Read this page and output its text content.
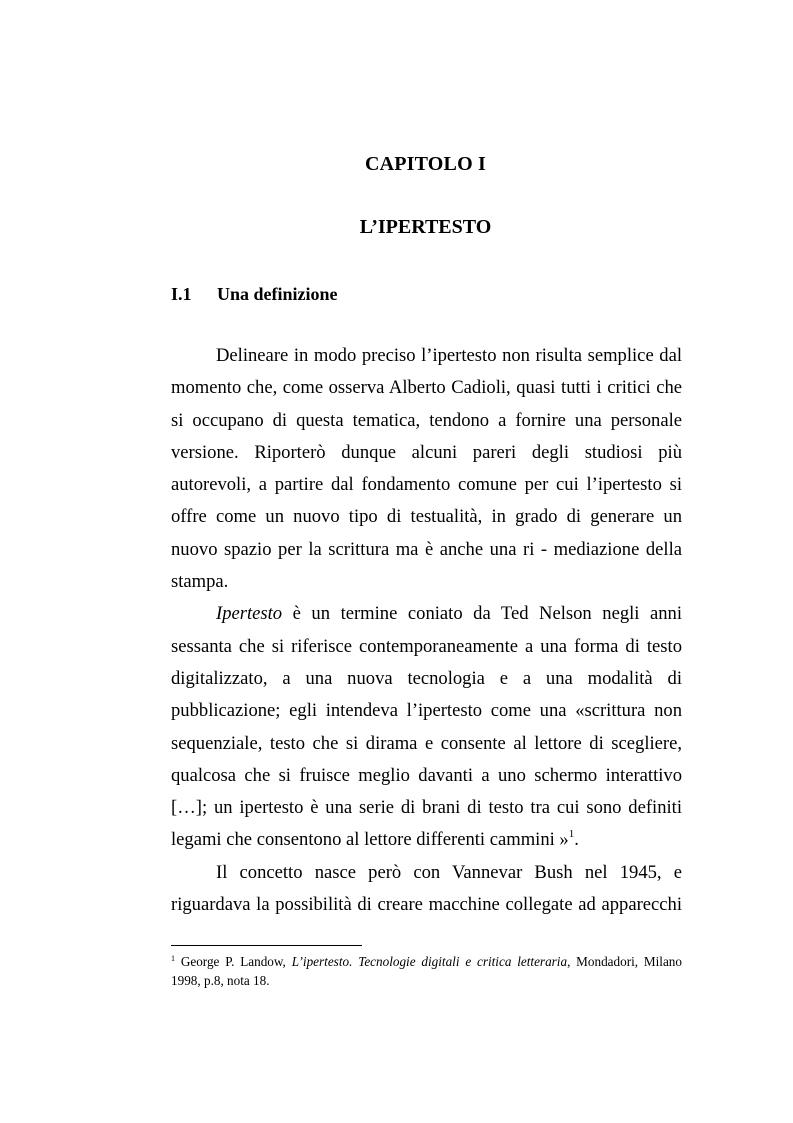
CAPITOLO I
L’IPERTESTO
I.1 Una definizione
Delineare in modo preciso l’ipertesto non risulta semplice dal
momento che, come osserva Alberto Cadioli, quasi tutti i critici che
si occupano di questa tematica, tendono a fornire una personale
versione. Riporterò dunque alcuni pareri degli studiosi più
autorevoli, a partire dal fondamento comune per cui l’ipertesto si
offre come un nuovo tipo di testualità, in grado di generare un
nuovo spazio per la scrittura ma è anche una ri - mediazione della
stampa.
Ipertesto è un termine coniato da Ted Nelson negli anni
sessanta che si riferisce contemporaneamente a una forma di testo
digitalizzato, a una nuova tecnologia e a una modalità di
pubblicazione; egli intendeva l’ipertesto come una «scrittura non
sequenziale, testo che si dirama e consente al lettore di scegliere,
qualcosa che si fruisce meglio davanti a uno schermo interattivo
[…]; un ipertesto è una serie di brani di testo tra cui sono definiti
legami che consentono al lettore differenti cammini »$^1$.
Il concetto nasce però con Vannevar Bush nel 1945, e
riguardava la possibilità di creare macchine collegate ad apparecchi
$^1$ George P. Landow, L’ipertesto. Tecnologie digitali e critica letteraria, Mondadori, Milano
1998, p.8, nota 18.
